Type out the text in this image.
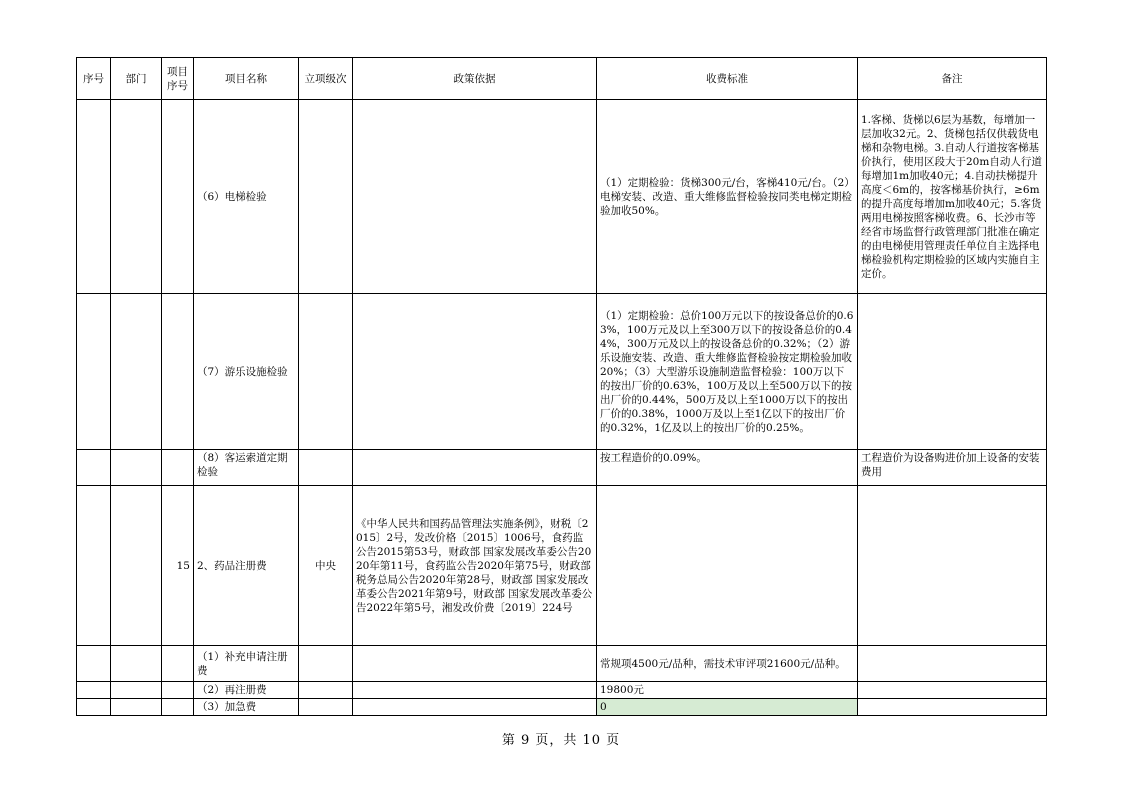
序号	部门	项目序号	项目名称	立项级次	政策依据	收费标准	备注
			（6）电梯检验			（1）定期检验：货梯300元/台，客梯410元/台。（2）电梯安装、改造、重大维修监督检验按同类电梯定期检验加收50%。	1.客梯、货梯以6层为基数，每增加一层加收32元。2、货梯包括仅供载货电梯和杂物电梯。3.自动人行道按客梯基价执行，使用区段大于20m自动人行道每增加1m加收40元；4.自动扶梯提升高度＜6m的，按客梯基价执行，≥6m的提升高度每增加m加收40元；5.客货两用电梯按照客梯收费。6、长沙市等经省市场监督行政管理部门批准在确定的由电梯使用管理责任单位自主选择电梯检验机构定期检验的区域内实施自主定价。
			（7）游乐设施检验			（1）定期检验：总价100万元以下的按设备总价的0.63%，100万元及以上至300万以下的按设备总价的0.44%，300万元及以上的按设备总价的0.32%；（2）游乐设施安装、改造、重大维修监督检验按定期检验加收20%；（3）大型游乐设施制造监督检验：100万以下的按出厂价的0.63%，100万及以上至500万以下的按出厂价的0.44%，500万及以上至1000万以下的按出厂价的0.38%，1000万及以上至1亿以下的按出厂价的0.32%，1亿及以上的按出厂价的0.25%。	
			（8）客运索道定期检验			按工程造价的0.09%。	工程造价为设备购进价加上设备的安装费用
		15	2、药品注册费	中央	《中华人民共和国药品管理法实施条例》，财税〔2015〕2号，发改价格〔2015〕1006号，食药监公告2015第53号，财政部 国家发展改革委公告2020年第11号，食药监公告2020年第75号，财政部 税务总局公告2020年第28号，财政部 国家发展改革委公告2021年第9号，财政部 国家发展改革委公告2022年第5号，湘发改价费〔2019〕224号		
			（1）补充申请注册费			常规项4500元/品种，需技术审评项21600元/品种。	
			（2）再注册费			19800元	
			（3）加急费			0	
第 9 页，共 10 页
